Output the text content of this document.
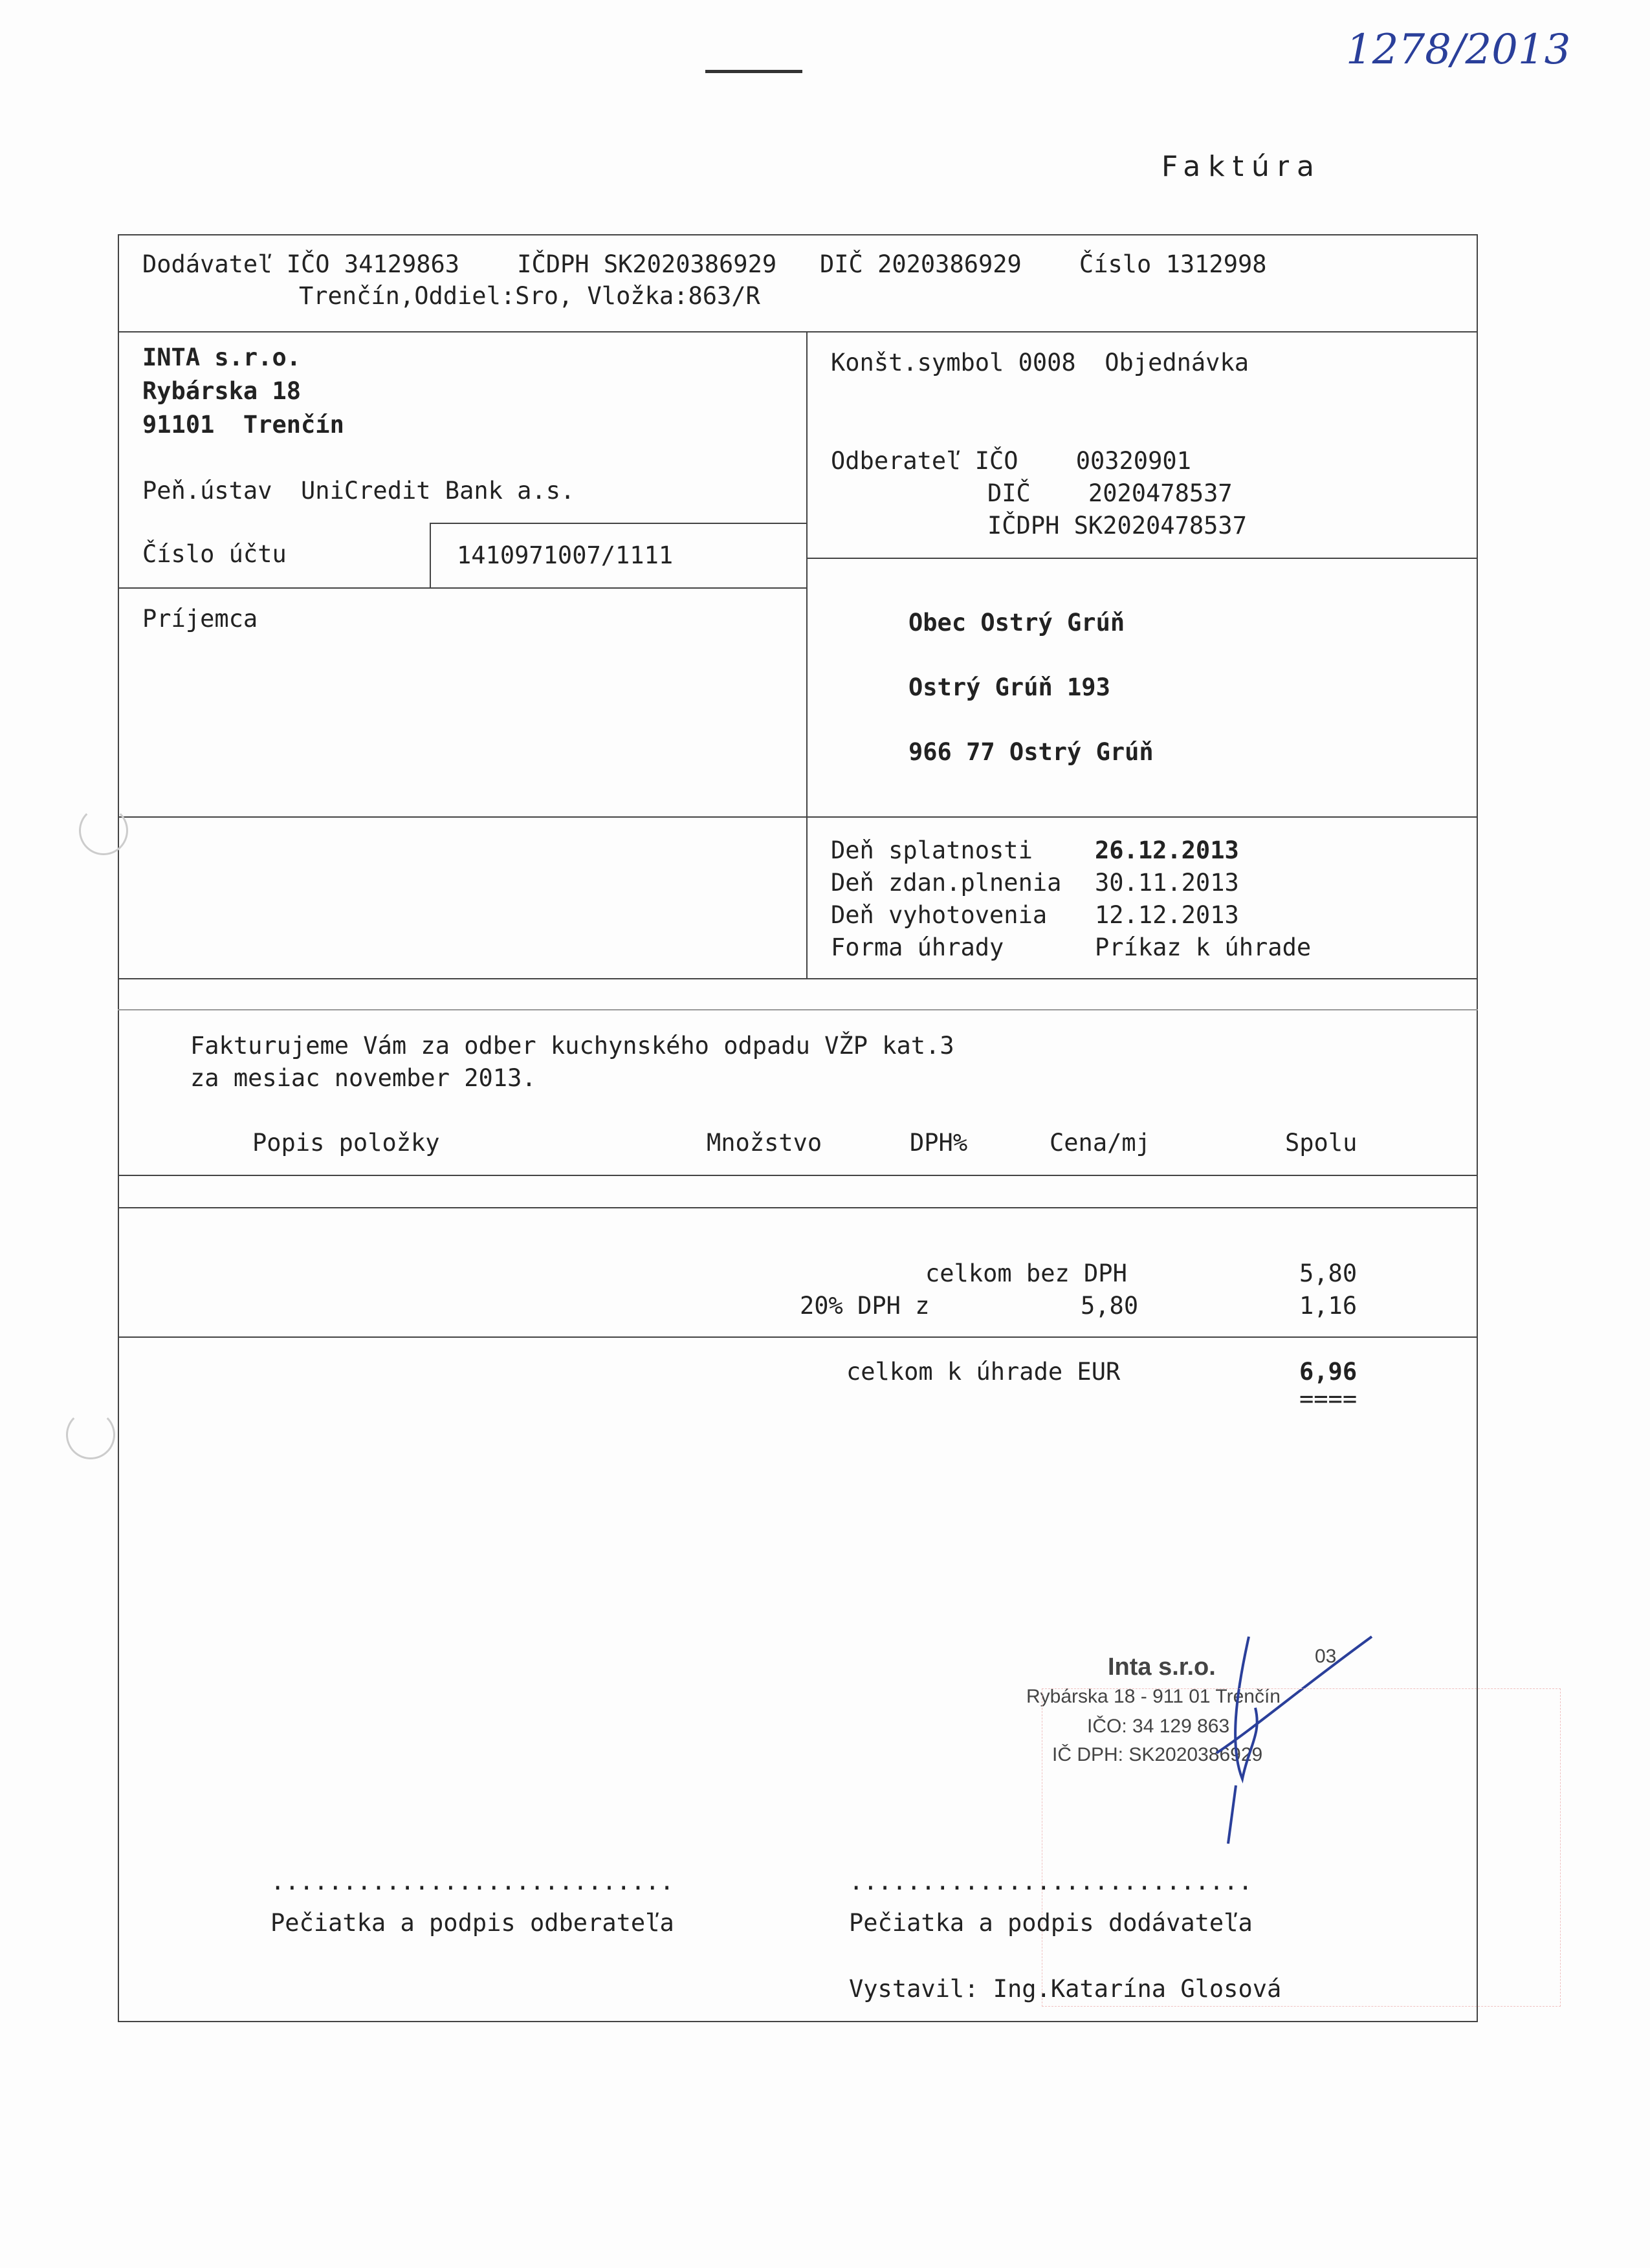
1278/2013
Faktúra
Dodávateľ IČO 34129863    IČDPH SK2020386929   DIČ 2020386929    Číslo 1312998
Trenčín,Oddiel:Sro, Vložka:863/R
INTA s.r.o.
Rybárska 18
91101  Trenčín
Peň.ústav  UniCredit Bank a.s.
Číslo účtu	1410971007/1111
Konšt.symbol 0008  Objednávka
Odberateľ IČO    00320901
DIČ    2020478537
IČDPH SK2020478537
Príjemca	Obec Ostrý Grúň
Ostrý Grúň 193
966 77 Ostrý Grúň
Deň splatnosti	26.12.2013
Deň zdan.plnenia 30.11.2013
Deň vyhotovenia 12.12.2013
Forma úhrady	Príkaz k úhrade
Fakturujeme Vám za odber kuchynského odpadu VŽP kat.3
za mesiac november 2013.
Popis položky	Množstvo	DPH%	Cena/mj	Spolu
celkom bez DPH	5,80
20% DPH z	5,80	1,16
celkom k úhrade EUR	6,96
====
Inta s.r.o.	03
Rybárska 18 - 911 01 Trenčín
IČO: 34 129 863
IČ DPH: SK2020386929
............................	............................
Pečiatka a podpis odberateľa	Pečiatka a podpis dodávateľa
Vystavil: Ing.Katarína Glosová
